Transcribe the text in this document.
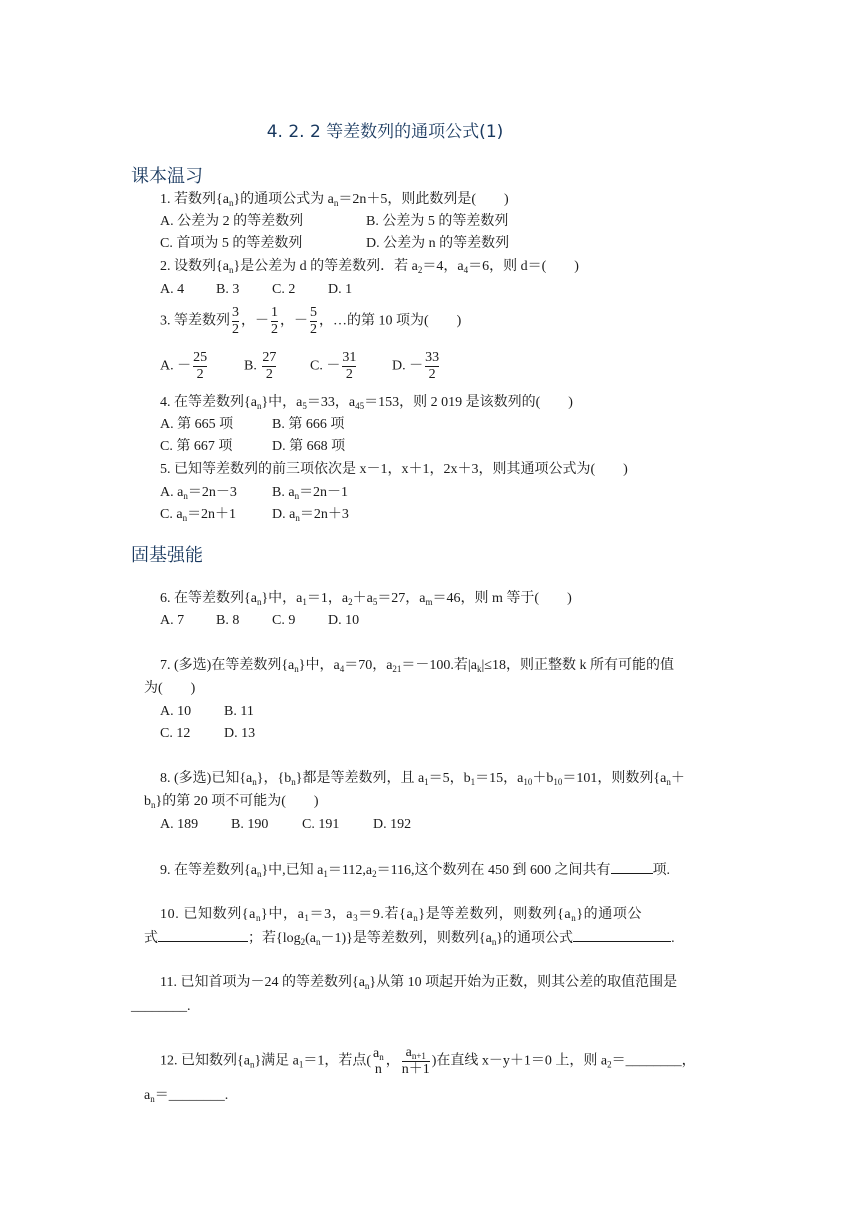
4. 2. 2 等差数列的通项公式(1)
课本温习
固基强能
1. 若数列$\{a_n\}$的通项公式为 $a_n=2n+5$，则此数列是(　　)
A. 公差为 2 的等差数列	B. 公差为 5 的等差数列
C. 首项为 5 的等差数列	D. 公差为 n 的等差数列
2. 设数列$\{a_n\}$是公差为 d 的等差数列．若 $a_2=4$，$a_4=6$，则 d＝(　　)
A. 4 B. 3 C. 2 D. 1
3. 等差数列 $\frac{3}{2}$ ，－ $\frac{1}{2}$ ，－ $\frac{5}{2}$ ，…的第 10 项为(　　)
A. － $\frac{25}{2}$	B. $\frac{27}{2} C$. － $\frac{31}{2}$	D. － $\frac{33}{2}$
4. 在等差数列$\{a_n\}$中，$a_5=33$，$a_{45}=153$，则 2 019 是该数列的(　　)
A. 第 665 项	B. 第 666 项
C. 第 667 项	D. 第 668 项
5. 已知等差数列的前三项依次是 x－1，x＋1，2x＋3，则其通项公式为(　　)
A. $a_n=2n-3$	B. $a_n=2n-1$
C. $a_n=2n+1$	D. $a_n=2n+3$
6. 在等差数列$\{a_n\}$中，$a_1=1$，$a_2+a_5=27$，$a_m=46$，则 m 等于(　　)
A. 7 B. 8 C. 9 D. 10
7. (多选)在等差数列$\{a_n\}$中，$a_4=70$，$a_{21}=-100$.若$|a_k|\le 18$，则正整数 k 所有可能的值
为(　　)
A. 10 B. 11
C. 12 D. 13
8. (多选)已知$\{a_n\}$，$\{b_n\}$都是等差数列，且 $a_1=5$，$b_1=15$，$a_{10}+b_{10}=101$，则数列{$a_n+$
$b_n$}的第 20 项不可能为(　　)
A. 189 B. 190 C. 191 D. 192
9. 在等差数列$\{a_n\}$中,已知 $a_1=112,a_2=116$,这个数列在 450 到 600 之间共有	项.
10. 已知数列$\{a_n\}$中，$a_1=3$，$a_3=9$.若$\{a_n\}$是等差数列，则数列$\{a_n\}$的通项公
式	；若$\{\log_2(a_n-1)\}$是等差数列，则数列$\{a_n\}$的通项公式	.
11. 已知首项为－24 的等差数列$\{a_n\}$从第 10 项起开始为正数，则其公差的取值范围是
________.
12. 已知数列$\{a_n\}$满足 $a_1=1$，若点(
$a_n$
n
， $\frac{a_{n+1}}{n+1}$ )在直线 x－y＋1＝0 上，则 $a_2=\_\_\_\_\_\_\_\_$，
$a_n=\_\_\_\_\_\_\_\_$.
